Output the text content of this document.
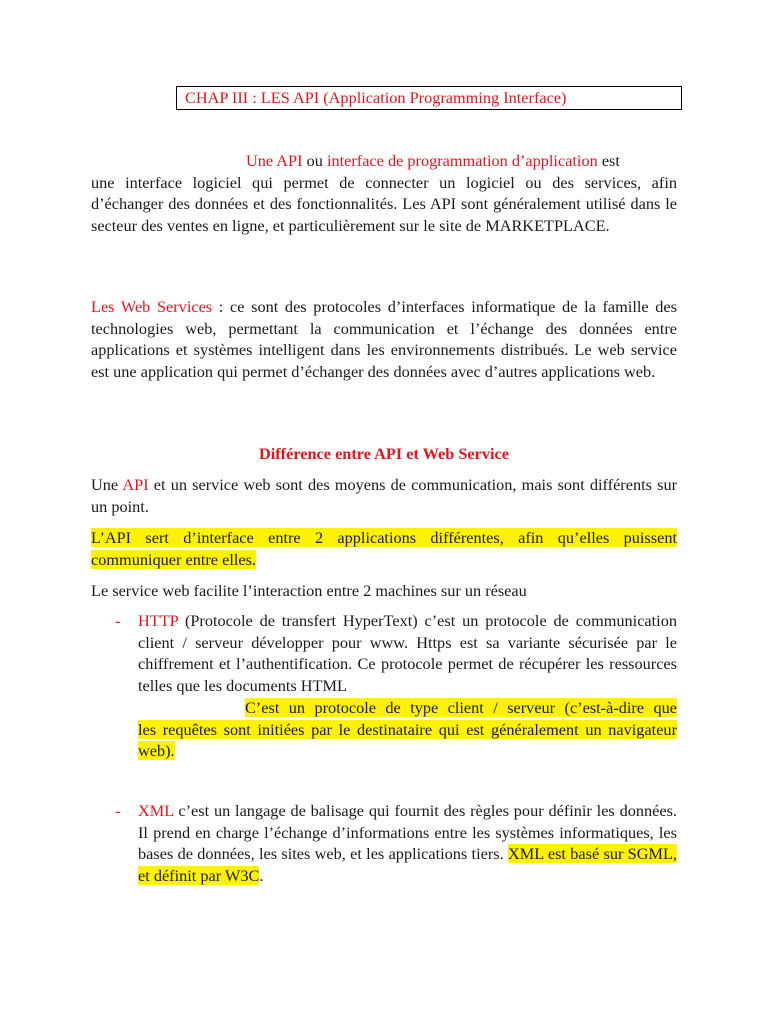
CHAP III : LES API (Application Programming Interface)
Une API ou interface de programmation d’application est
une interface logiciel qui permet de connecter un logiciel ou des services, afin
d’échanger des données et des fonctionnalités. Les API sont généralement utilisé dans le secteur des ventes en ligne, et particulièrement sur le site de MARKETPLACE.
Les Web Services : ce sont des protocoles d’interfaces informatique de la famille des technologies web, permettant la communication et l’échange des données entre applications et systèmes intelligent dans les environnements distribués. Le web service est une application qui permet d’échanger des données avec d’autres applications web.
Différence entre API et Web Service
Une API et un service web sont des moyens de communication, mais sont différents sur un point.
L’API sert d’interface entre 2 applications différentes, afin qu’elles puissent communiquer entre elles.
Le service web facilite l’interaction entre 2 machines sur un réseau
- HTTP (Protocole de transfert HyperText) c’est un protocole de communication client / serveur développer pour www. Https est sa variante sécurisée par le chiffrement et l’authentification. Ce protocole permet de récupérer les ressources telles que les documents HTML
C’est un protocole de type client / serveur (c’est-à-dire que
les requêtes sont initiées par le destinataire qui est généralement un navigateur web).
- XML c’est un langage de balisage qui fournit des règles pour définir les données. Il prend en charge l’échange d’informations entre les systèmes informatiques, les bases de données, les sites web, et les applications tiers. XML est basé sur SGML, et définit par W3C.
